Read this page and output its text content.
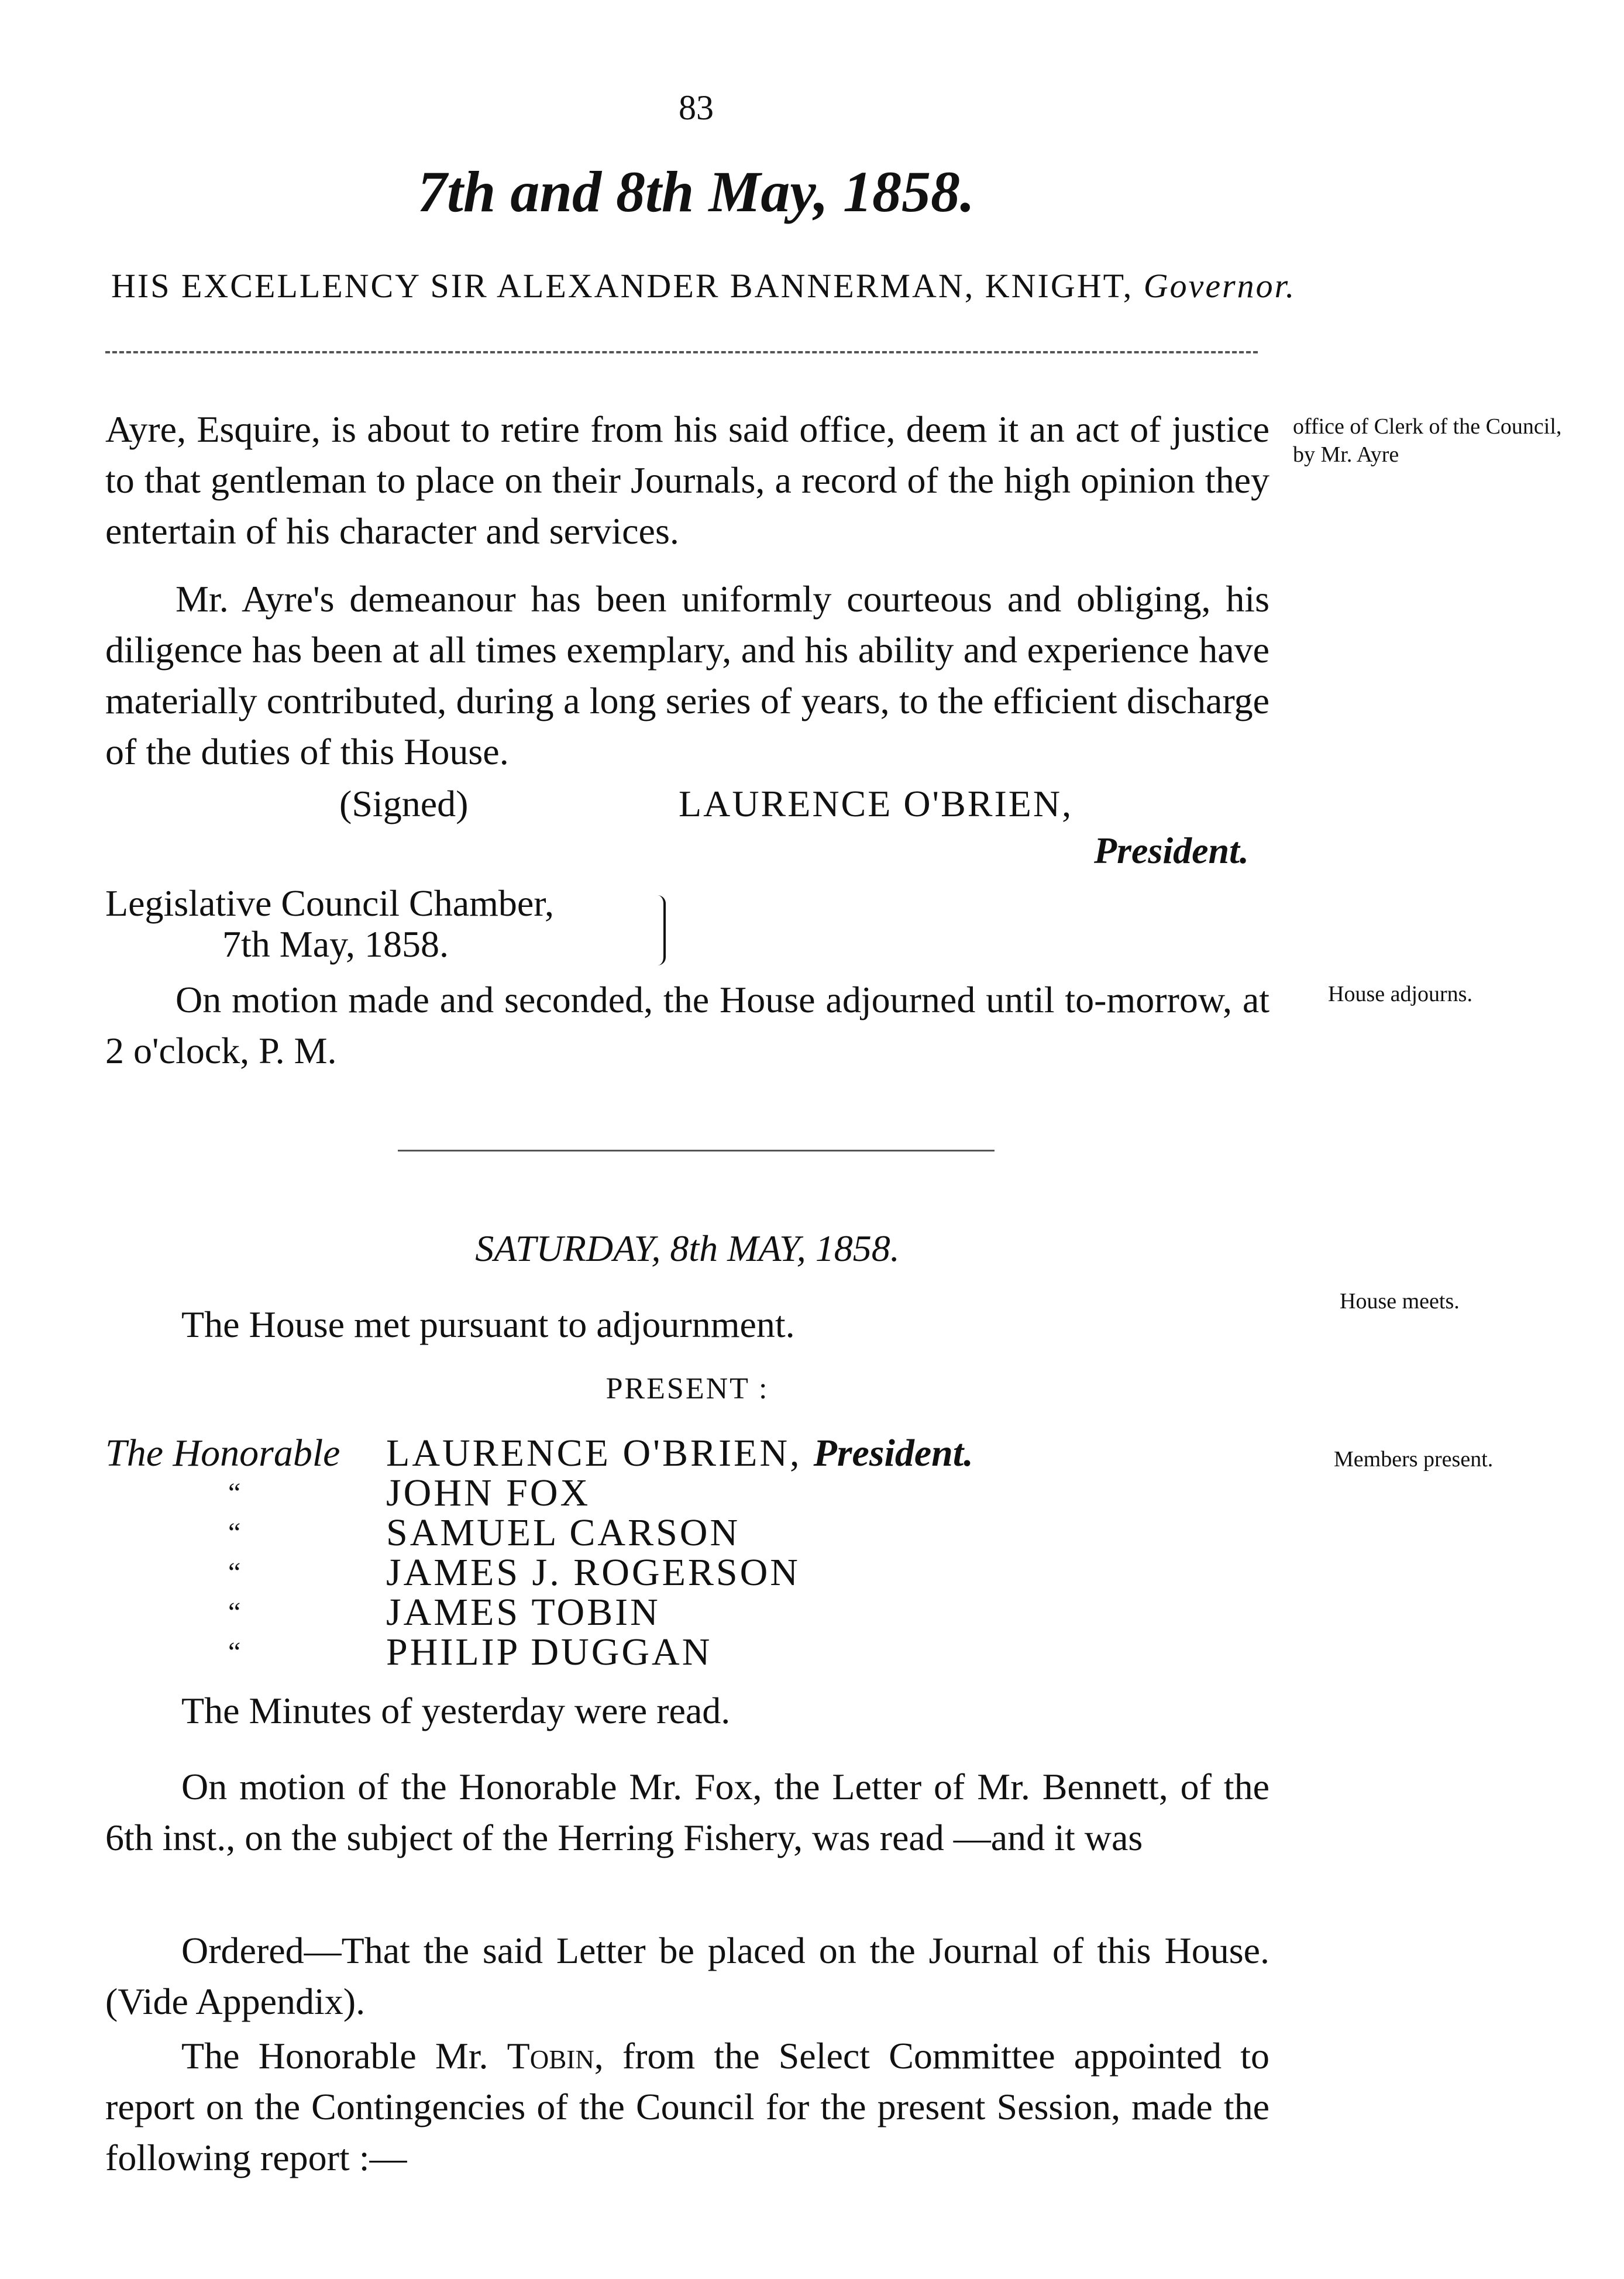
83
7th and 8th May, 1858.
HIS EXCELLENCY SIR ALEXANDER BANNERMAN, KNIGHT, Governor.
Ayre, Esquire, is about to retire from his said office, deem it an act of justice to that gentleman to place on their Journals, a record of the high opinion they entertain of his character and services.
Mr. Ayre's demeanour has been uniformly courteous and obliging, his diligence has been at all times exemplary, and his ability and experience have materially contributed, during a long series of years, to the efficient discharge of the duties of this House.
(Signed)	LAURENCE O'BRIEN,
President.
Legislative Council Chamber,
7th May, 1858.
On motion made and seconded, the House adjourned until to-morrow, at 2 o'clock, P. M.
SATURDAY, 8th MAY, 1858.
The House met pursuant to adjournment.
PRESENT :
The Honorable	LAURENCE O'BRIEN, President.
“	JOHN FOX
“	SAMUEL CARSON
“	JAMES J. ROGERSON
“	JAMES TOBIN
“	PHILIP DUGGAN
The Minutes of yesterday were read.
On motion of the Honorable Mr. Fox, the Letter of Mr. Bennett, of the 6th inst., on the subject of the Herring Fishery, was read —and it was
Ordered—That the said Letter be placed on the Journal of this House. (Vide Appendix).
The Honorable Mr. Tobin, from the Select Committee appointed to report on the Contingencies of the Council for the present Session, made the following report :—
office of Clerk of the Council, by Mr. Ayre
House adjourns.
House meets.
Members present.
